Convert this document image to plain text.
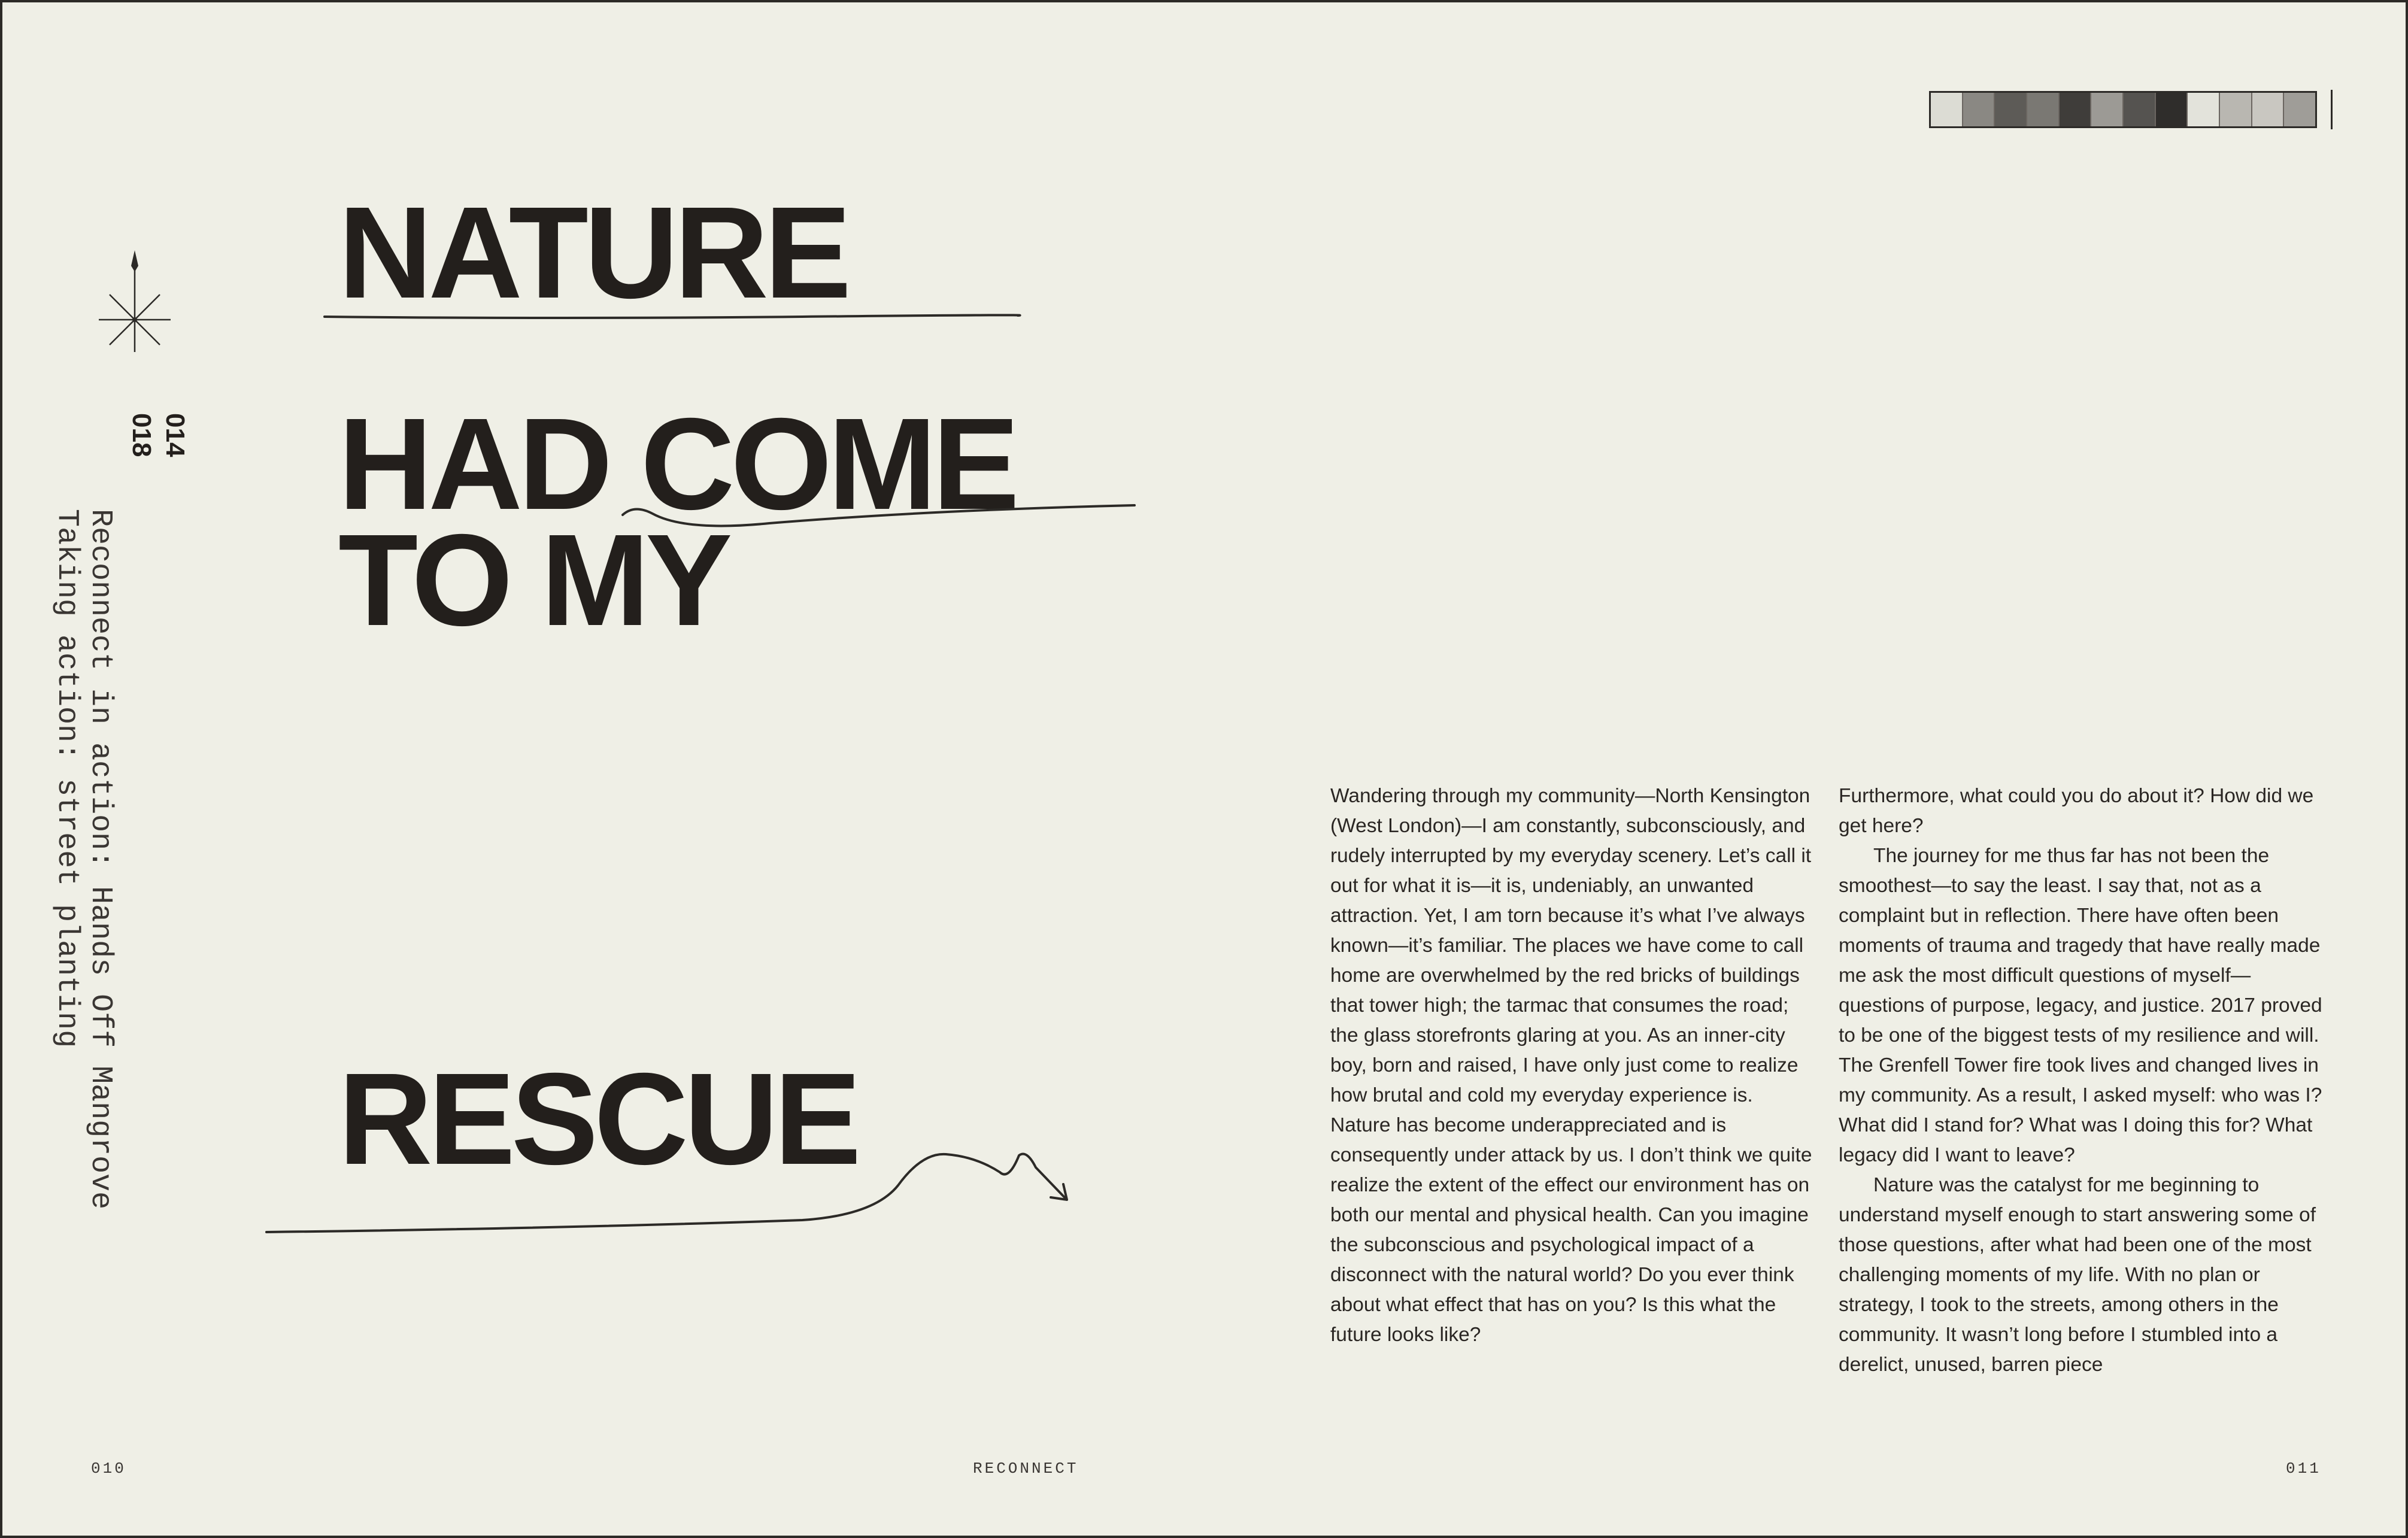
014
018
Reconnect in action: Hands Off Mangrove
Taking action: street planting
NATURE
HAD COME
TO MY
RESCUE

Wandering through my community—North Kensington (West London)—I am constantly, subconsciously, and rudely interrupted by my everyday scenery. Let’s call it out for what it is—it is, undeniably, an unwanted attraction. Yet, I am torn because it’s what I’ve always known—it’s familiar. The places we have come to call home are overwhelmed by the red bricks of buildings that tower high; the tarmac that consumes the road; the glass storefronts glaring at you. As an inner-city boy, born and raised, I have only just come to realize how brutal and cold my everyday experience is. Nature has become underappreciated and is consequently under attack by us. I don’t think we quite realize the extent of the effect our environment has on both our mental and physical health. Can you imagine the subconscious and psychological impact of a disconnect with the natural world? Do you ever think about what effect that has on you? Is this what the future looks like?

Furthermore, what could you do about it? How did we get here?

The journey for me thus far has not been the smoothest—to say the least. I say that, not as a complaint but in reflection. There have often been moments of trauma and tragedy that have really made me ask the most difficult questions of myself—questions of purpose, legacy, and justice. 2017 proved to be one of the biggest tests of my resilience and will. The Grenfell Tower fire took lives and changed lives in my community. As a result, I asked myself: who was I? What did I stand for? What was I doing this for? What legacy did I want to leave?

Nature was the catalyst for me beginning to understand myself enough to start answering some of those questions, after what had been one of the most challenging moments of my life. With no plan or strategy, I took to the streets, among others in the community. It wasn’t long before I stumbled into a derelict, unused, barren piece

010	RECONNECT	011
